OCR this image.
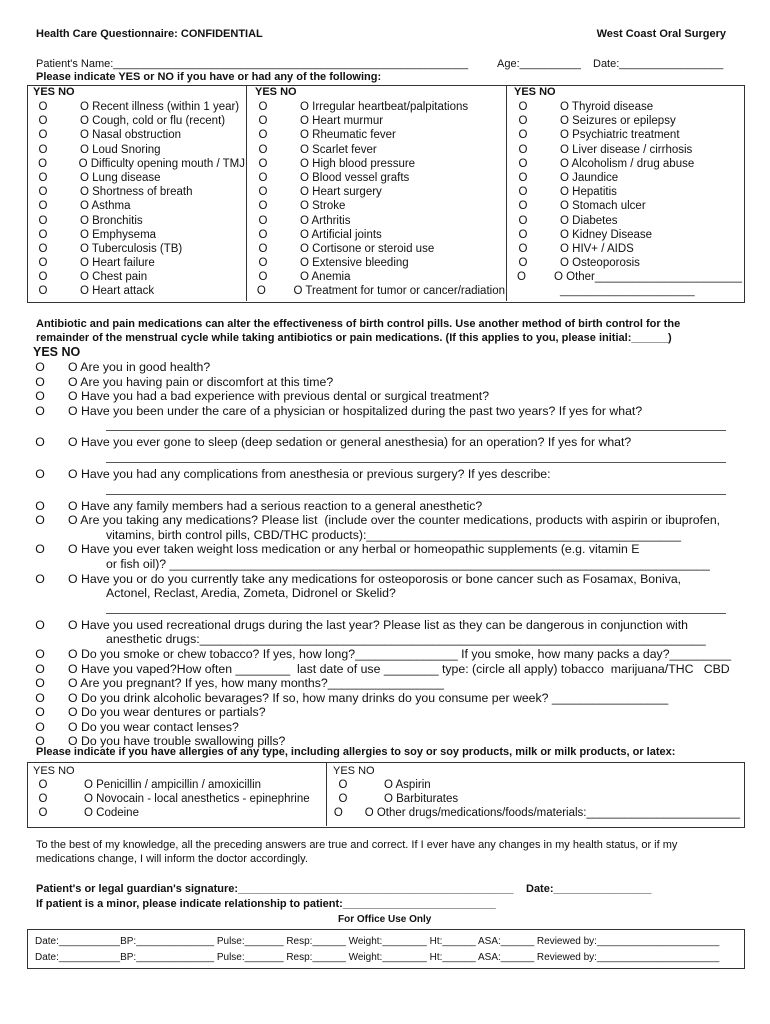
Health Care Questionnaire: CONFIDENTIAL	West Coast Oral Surgery
Patient's Name:__________________________________________________________	Age:__________ Date:_________________
Please indicate YES or NO if you have or had any of the following:
YES NO	YES NO	YES NO
O	O Recent illness (within 1 year)
O	O Cough, cold or flu (recent)
O	O Nasal obstruction
O	O Loud Snoring
O	O Difficulty opening mouth / TMJ
O	O Lung disease
O	O Shortness of breath
O	O Asthma
O	O Bronchitis
O	O Emphysema
O	O Tuberculosis (TB)
O	O Heart failure
O	O Chest pain
O	O Heart attack
O	O Irregular heartbeat/palpitations
O	O Heart murmur
O	O Rheumatic fever
O	O Scarlet fever
O	O High blood pressure
O	O Blood vessel grafts
O	O Heart surgery
O	O Stroke
O	O Arthritis
O	O Artificial joints
O	O Cortisone or steroid use
O	O Extensive bleeding
O	O Anemia
O	O Treatment for tumor or cancer/radiation
O	O Thyroid disease
O	O Seizures or epilepsy
O	O Psychiatric treatment
O	O Liver disease / cirrhosis
O	O Alcoholism / drug abuse
O	O Jaundice
O	O Hepatitis
O	O Stomach ulcer
O	O Diabetes
O	O Kidney Disease
O	O HIV+ / AIDS
O	O Osteoporosis
O	O Other_______________________
______________________
Antibiotic and pain medications can alter the effectiveness of birth control pills. Use another method of birth control for the
remainder of the menstrual cycle while taking antibiotics or pain medications. (If this applies to you, please initial:______)
YES NO
O	O Are you in good health?
O	O Are you having pain or discomfort at this time?
O	O Have you had a bad experience with previous dental or surgical treatment?
O	O Have you been under the care of a physician or hospitalized during the past two years? If yes for what?
O	O Have you ever gone to sleep (deep sedation or general anesthesia) for an operation? If yes for what?
O	O Have you had any complications from anesthesia or previous surgery? If yes describe:
O	O Have any family members had a serious reaction to a general anesthetic?
O	O Are you taking any medications? Please list  (include over the counter medications, products with aspirin or ibuprofen,
vitamins, birth control pills, CBD/THC products):______________________________________________
O	O Have you ever taken weight loss medication or any herbal or homeopathic supplements (e.g. vitamin E
or fish oil)? _______________________________________________________________________________
O	O Have you or do you currently take any medications for osteoporosis or bone cancer such as Fosamax, Boniva,
Actonel, Reclast, Aredia, Zometa, Didronel or Skelid?
O	O Have you used recreational drugs during the last year? Please list as they can be dangerous in conjunction with
anesthetic drugs:__________________________________________________________________________
O	O Do you smoke or chew tobacco? If yes, how long?_______________ If you smoke, how many packs a day?_________
O	O Have you vaped?How often ________  last date of use ________ type: (circle all apply) tobacco  marijuana/THC   CBD
O	O Are you pregnant? If yes, how many months?_________________
O	O Do you drink alcoholic bevarages? If so, how many drinks do you consume per week? _________________
O	O Do you wear dentures or partials?
O	O Do you wear contact lenses?
O	O Do you have trouble swallowing pills?
Please indicate if you have allergies of any type, including allergies to soy or soy products, milk or milk products, or latex:
YES NO	YES NO
O	O Penicillin / ampicillin / amoxicillin
O	O Novocain - local anesthetics - epinephrine
O	O Codeine
O	O Aspirin
O	O Barbiturates
O	O Other drugs/medications/foods/materials:________________________
To the best of my knowledge, all the preceding answers are true and correct. If I ever have any changes in my health status, or if my
medications change, I will inform the doctor accordingly.
Patient's or legal guardian's signature:_____________________________________________ Date:________________
If patient is a minor, please indicate relationship to patient:_________________________
For Office Use Only
Date:___________BP:______________ Pulse:_______ Resp:______ Weight:________ Ht:______ ASA:______ Reviewed by:______________________
Date:___________BP:______________ Pulse:_______ Resp:______ Weight:________ Ht:______ ASA:______ Reviewed by:______________________
